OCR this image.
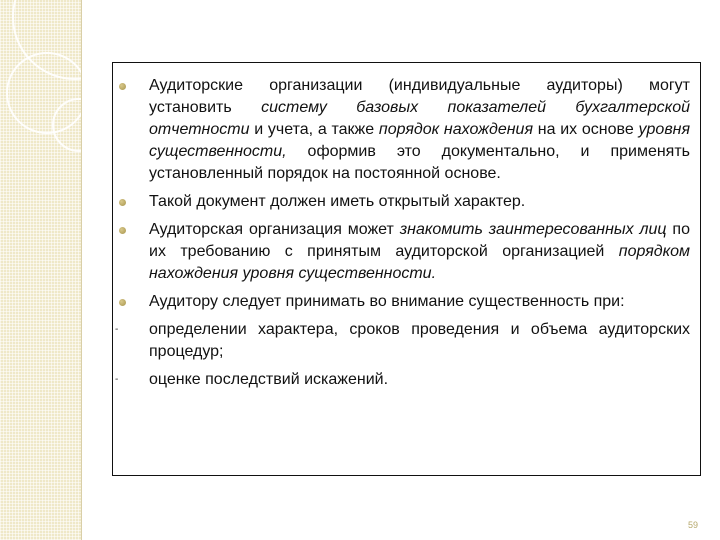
Аудиторские организации (индивидуальные аудиторы) могут установить систему базовых показателей бухгалтерской отчетности и учета, а также порядок нахождения на их основе уровня существенности, оформив это документально, и применять установленный порядок на постоянной основе.
Такой документ должен иметь открытый характер.
Аудиторская организация может знакомить заинтересованных лиц по их требованию с принятым аудиторской организацией порядком нахождения уровня существенности.
Аудитору следует принимать во внимание существенность при:
- определении характера, сроков проведения и объема аудиторских процедур;
- оценке последствий искажений.
59
